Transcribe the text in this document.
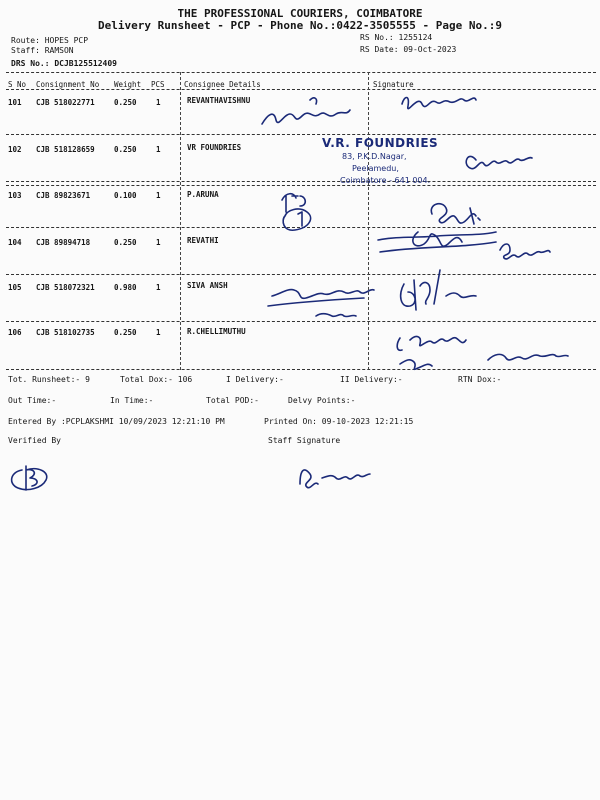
THE PROFESSIONAL COURIERS, COIMBATORE
Delivery Runsheet - PCP - Phone No.:0422-3505555 - Page No.:9
Route: HOPES PCP
Staff: RAMSON
DRS No.: DCJB125512409
RS No.: 1255124
RS Date: 09-Oct-2023
S No Consignment No Weight PCS	Consignee Details	Signature
101 CJB 518022771	0.250	1	REVANTHAVISHNU
102 CJB 518128659	0.250	1	VR FOUNDRIES
103 CJB 89823671	0.100	1	P.ARUNA
104 CJB 89894718	0.250	1	REVATHI
105 CJB 518072321	0.980	1	SIVA ANSH
106 CJB 518102735	0.250	1	R.CHELLIMUTHU
V.R. FOUNDRIES
83, P.K.D.Nagar,
Peelamedu,
Coimbatore - 641 004.
Tot. Runsheet:- 9	Total Dox:- 106	I Delivery:-	II Delivery:-	RTN Dox:-
Out Time:-	In Time:-	Total POD:-	Delvy Points:-
Entered By :PCPLAKSHMI 10/09/2023 12:21:10 PM	Printed On: 09-10-2023 12:21:15
Verified By	Staff Signature
